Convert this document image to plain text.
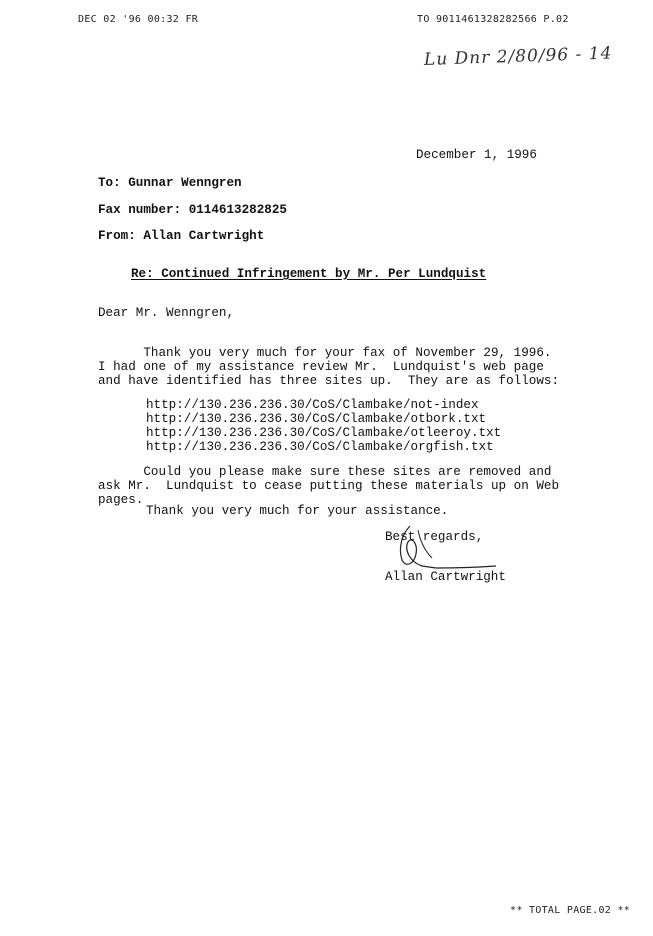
DEC 02 '96 00:32 FR	TO 9011461328282566 P.02
Lu Dnr 2/80/96 - 14
December 1, 1996
To: Gunnar Wenngren
Fax number: 0114613282825
From: Allan Cartwright
Re: Continued Infringement by Mr. Per Lundquist
Dear Mr. Wenngren,

Thank you very much for your fax of November 29, 1996.
I had one of my assistance review Mr.  Lundquist's web page
and have identified has three sites up.  They are as follows:

http://130.236.236.30/CoS/Clambake/not-index
http://130.236.236.30/CoS/Clambake/otbork.txt
http://130.236.236.30/CoS/Clambake/otleeroy.txt
http://130.236.236.30/CoS/Clambake/orgfish.txt

Could you please make sure these sites are removed and
ask Mr.  Lundquist to cease putting these materials up on Web
pages.
Thank you very much for your assistance.
Best regards,
Allan Cartwright
** TOTAL PAGE.02 **
